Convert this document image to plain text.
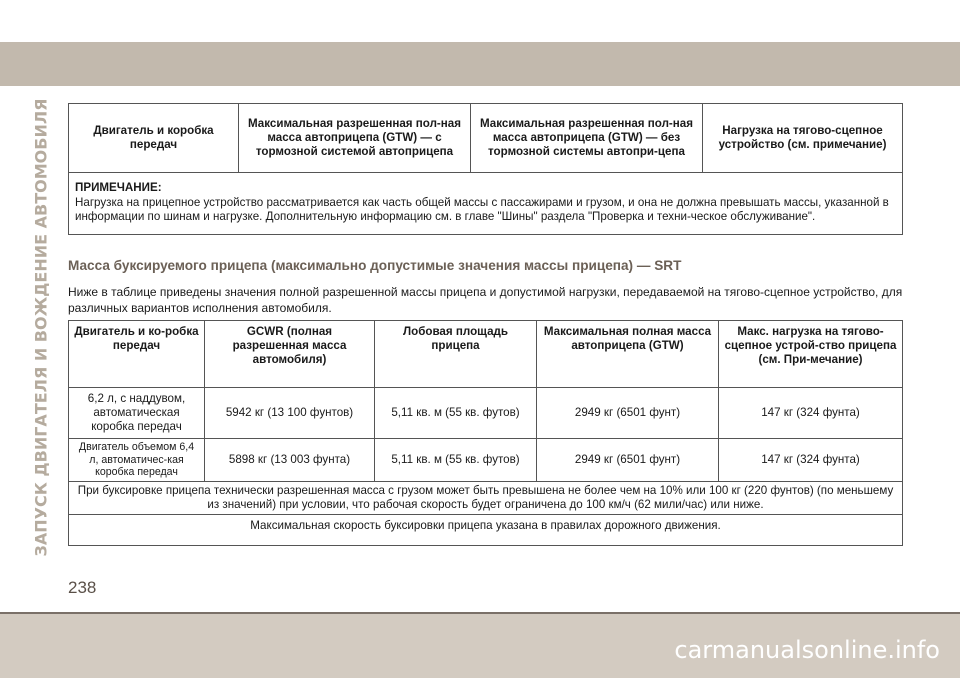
ЗАПУСК ДВИГАТЕЛЯ И ВОЖДЕНИЕ АВТОМОБИЛЯ	Двигатель и коробка передач	Максимальная разрешенная пол-ная масса автоприцепа (GTW) — с тормозной системой автоприцепа	Максимальная разрешенная пол-ная масса автоприцепа (GTW) — без тормозной системы автопри-цепа	Нагрузка на тягово-сцепное устройство (см. примечание)

ПРИМЕЧАНИЕ:
Нагрузка на прицепное устройство рассматривается как часть общей массы с пассажирами и грузом, и она не должна превышать массы, указанной в информации по шинам и нагрузке. Дополнительную информацию см. в главе "Шины" раздела "Проверка и техни-ческое обслуживание".
Масса буксируемого прицепа (максимально допустимые значения массы прицепа) — SRT
Ниже в таблице приведены значения полной разрешенной массы прицепа и допустимой нагрузки, передаваемой на тягово-сцепное устройство, для различных вариантов исполнения автомобиля.
Двигатель и ко-робка передач	GCWR (полная разрешенная масса автомобиля)	Лобовая площадь прицепа	Максимальная полная масса автоприцепа (GTW)	Макс. нагрузка на тягово-сцепное устрой-ство прицепа (см. При-мечание)
6,2 л, с наддувом, автоматическая коробка передач	5942 кг (13 100 фунтов)	5,11 кв. м (55 кв. футов)	2949 кг (6501 фунт)	147 кг (324 фунта)
Двигатель объемом 6,4 л, автоматичес-кая коробка передач	5898 кг (13 003 фунта)	5,11 кв. м (55 кв. футов)	2949 кг (6501 фунт)	147 кг (324 фунта)
При буксировке прицепа технически разрешенная масса с грузом может быть превышена не более чем на 10% или 100 кг (220 фунтов) (по меньшему из значений) при условии, что рабочая скорость будет ограничена до 100 км/ч (62 мили/час) или ниже.				
Максимальная скорость буксировки прицепа указана в правилах дорожного движения.				
238
carmanualsonline.info
